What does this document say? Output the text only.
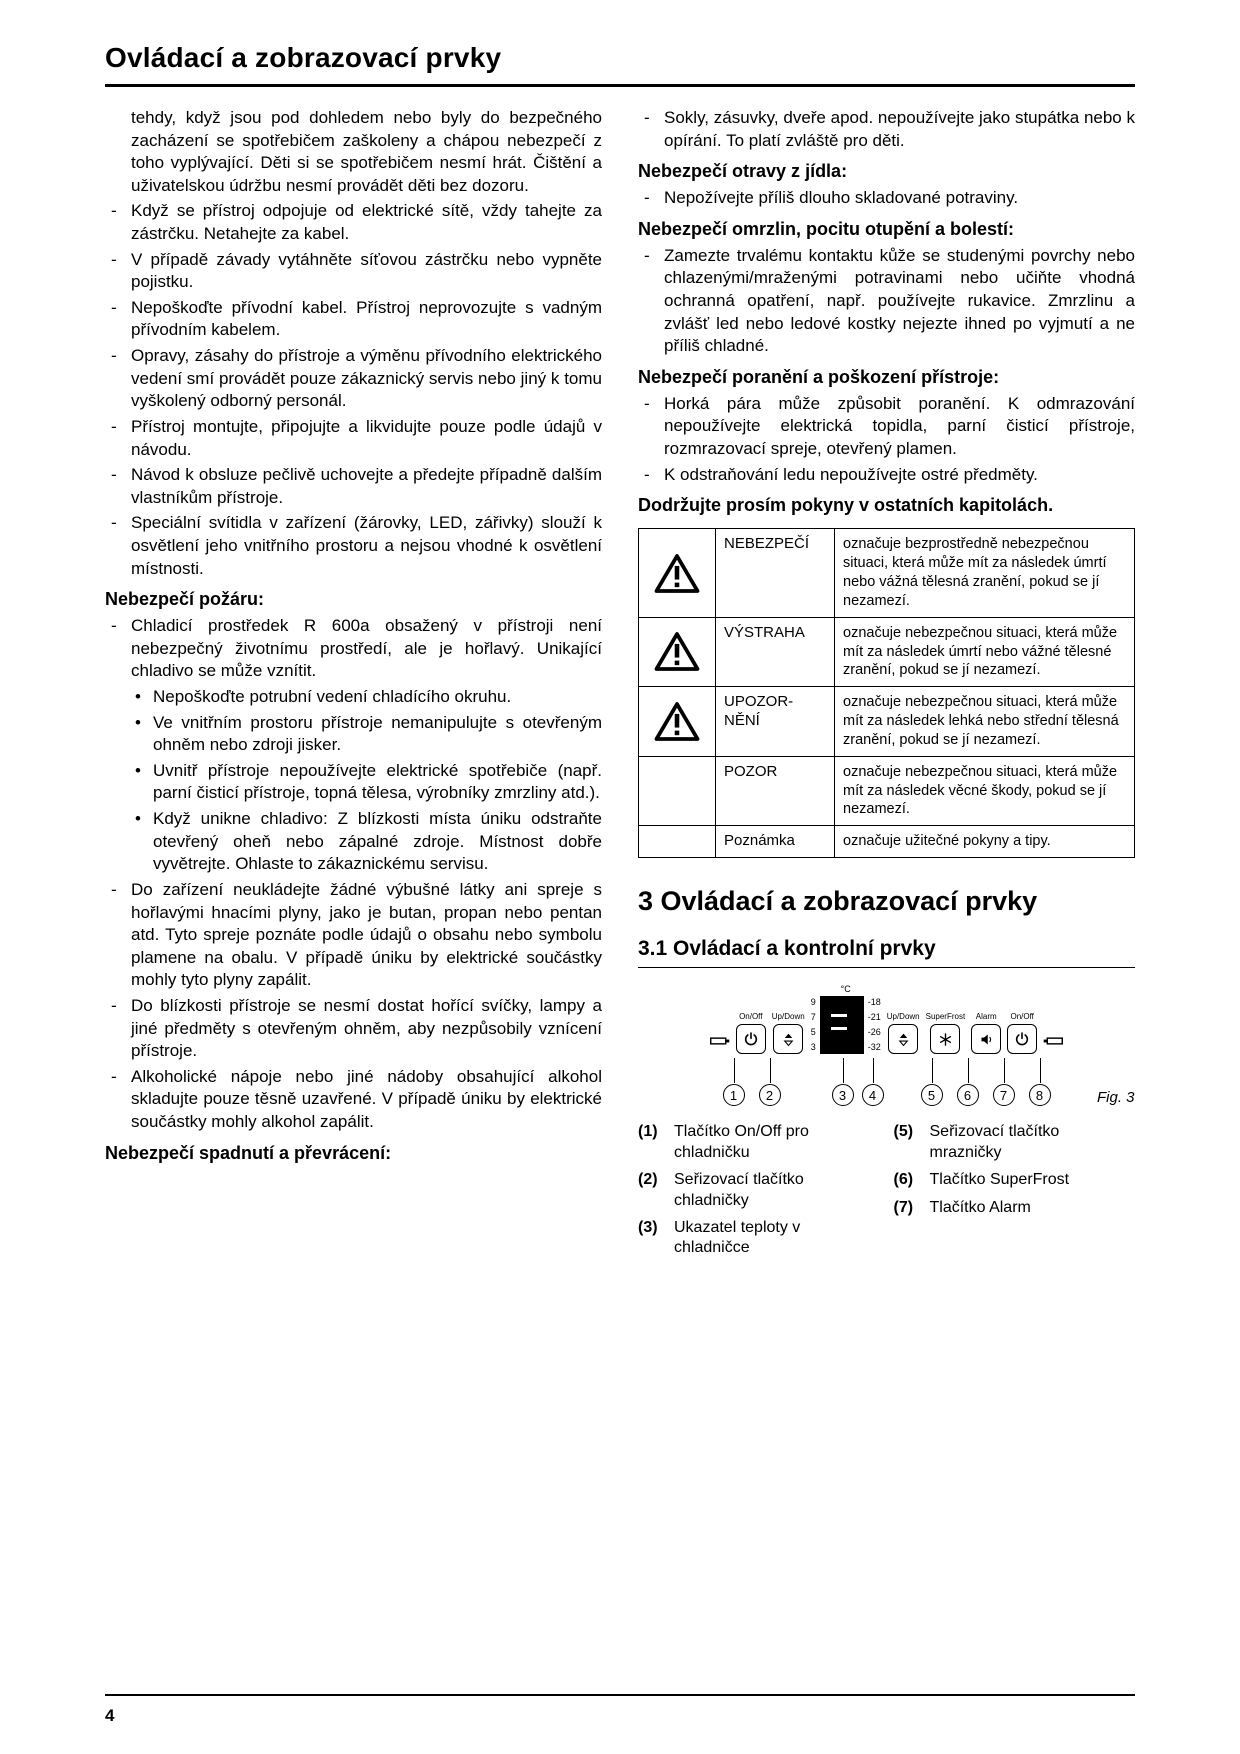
Ovládací a zobrazovací prvky

tehdy, když jsou pod dohledem nebo byly do bezpečného zacházení se spotřebičem zaškoleny a chápou nebezpečí z toho vyplývající. Děti si se spotřebičem nesmí hrát. Čištění a uživatelskou údržbu nesmí provádět děti bez dozoru.

- Když se přístroj odpojuje od elektrické sítě, vždy tahejte za zástrčku. Netahejte za kabel.
- V případě závady vytáhněte síťovou zástrčku nebo vypněte pojistku.
- Nepoškoďte přívodní kabel. Přístroj neprovozujte s vadným přívodním kabelem.
- Opravy, zásahy do přístroje a výměnu přívodního elektrického vedení smí provádět pouze zákaznický servis nebo jiný k tomu vyškolený odborný personál.
- Přístroj montujte, připojujte a likvidujte pouze podle údajů v návodu.
- Návod k obsluze pečlivě uchovejte a předejte případně dalším vlastníkům přístroje.
- Speciální svítidla v zařízení (žárovky, LED, zářivky) slouží k osvětlení jeho vnitřního prostoru a nejsou vhodné k osvětlení místnosti.
Nebezpečí požáru:
- Chladicí prostředek R 600a obsažený v přístroji není nebezpečný životnímu prostředí, ale je hořlavý. Unikající chladivo se může vznítit.
• Nepoškoďte potrubní vedení chladícího okruhu.
• Ve vnitřním prostoru přístroje nemanipulujte s otevřeným ohněm nebo zdroji jisker.
• Uvnitř přístroje nepoužívejte elektrické spotřebiče (např. parní čisticí přístroje, topná tělesa, výrobníky zmrzliny atd.).
• Když unikne chladivo: Z blízkosti místa úniku odstraňte otevřený oheň nebo zápalné zdroje. Místnost dobře vyvětrejte. Ohlaste to zákaznickému servisu.
- Do zařízení neukládejte žádné výbušné látky ani spreje s hořlavými hnacími plyny, jako je butan, propan nebo pentan atd. Tyto spreje poznáte podle údajů o obsahu nebo symbolu plamene na obalu. V případě úniku by elektrické součástky mohly tyto plyny zapálit.
- Do blízkosti přístroje se nesmí dostat hořící svíčky, lampy a jiné předměty s otevřeným ohněm, aby nezpůsobily vznícení přístroje.
- Alkoholické nápoje nebo jiné nádoby obsahující alkohol skladujte pouze těsně uzavřené. V případě úniku by elektrické součástky mohly alkohol zapálit.
Nebezpečí spadnutí a převrácení:
- Sokly, zásuvky, dveře apod. nepoužívejte jako stupátka nebo k opírání. To platí zvláště pro děti.
Nebezpečí otravy z jídla:
- Nepožívejte příliš dlouho skladované potraviny.
Nebezpečí omrzlin, pocitu otupění a bolestí:
- Zamezte trvalému kontaktu kůže se studenými povrchy nebo chlazenými/mraženými potravinami nebo učiňte vhodná ochranná opatření, např. používejte rukavice. Zmrzlinu a zvlášť led nebo ledové kostky nejezte ihned po vyjmutí a ne příliš chladné.
Nebezpečí poranění a poškození přístroje:
- Horká pára může způsobit poranění. K odmrazování nepoužívejte elektrická topidla, parní čisticí přístroje, rozmrazovací spreje, otevřený plamen.
- K odstraňování ledu nepoužívejte ostré předměty.
Dodržujte prosím pokyny v ostatních kapitolách.
	NEBEZPEČÍ	označuje bezprostředně nebezpečnou situaci, která může mít za následek úmrtí nebo vážná tělesná zranění, pokud se jí nezamezí.

	VÝSTRAHA	označuje nebezpečnou situaci, která může mít za následek úmrtí nebo vážné tělesné zranění, pokud se jí nezamezí.

	UPOZOR-NĚNÍ	označuje nebezpečnou situaci, která může mít za následek lehká nebo střední tělesná zranění, pokud se jí nezamezí.
	POZOR	označuje nebezpečnou situaci, která může mít za následek věcné škody, pokud se jí nezamezí.
	Poznámka	označuje užitečné pokyny a tipy.
3 Ovládací a zobrazovací prvky
3.1 Ovládací a kontrolní prvky
On/Off Up/Down
°C
9
7
5
3
-18
-21
-26
-32
Up/Down SuperFrost Alarm On/Off
1	2	3	4	5	6	7	8	Fig. 3
(1)	Tlačítko On/Off pro chladničku
(2)	Seřizovací tlačítko chladničky
(3)	Ukazatel teploty v chladničce
(5)	Seřizovací tlačítko mrazničky
(6)	Tlačítko SuperFrost
(7)	Tlačítko Alarm
4
